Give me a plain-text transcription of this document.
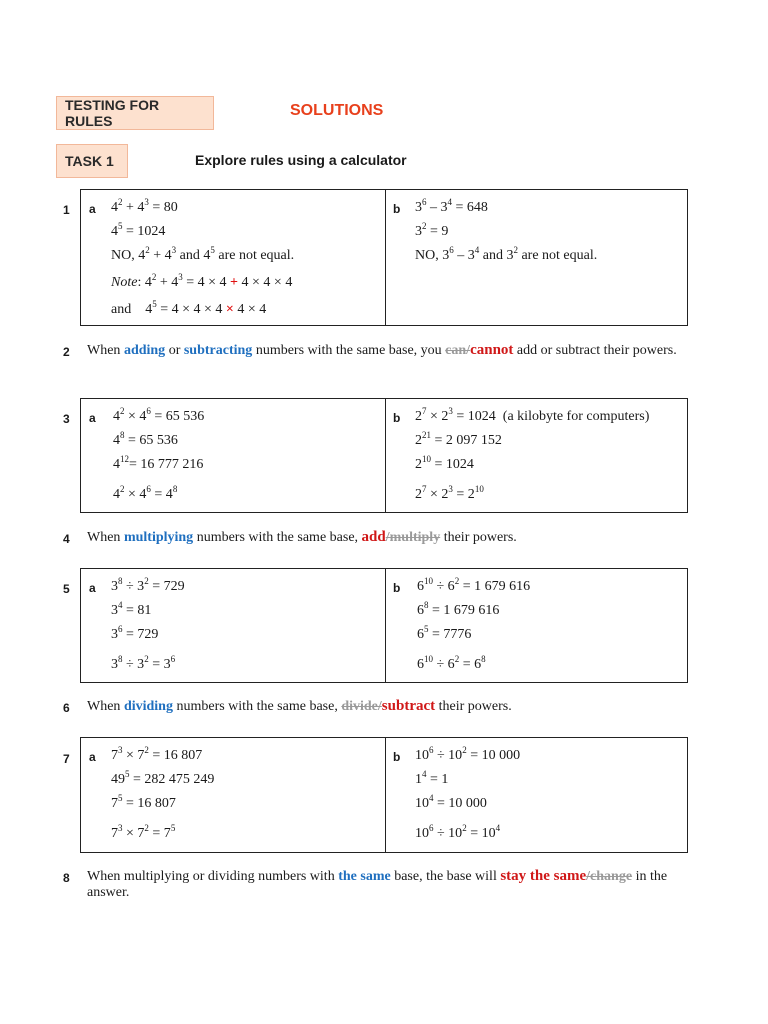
TESTING FOR RULES
SOLUTIONS
TASK 1	Explore rules using a calculator
1 a $4^2 + 4^3 = 80$
$4^5 = 1024$
NO, $4^2 + 4^3$ and $4^5$ are not equal.
Note: $4^2 + 4^3 = 4 \times 4 + 4 \times 4 \times 4$
and    $4^5 = 4 \times 4 \times 4 \times 4 \times 4$
b $3^6 - 3^4 = 648$
$3^2 = 9$
NO, $3^6 - 3^4$ and $3^2$ are not equal.
2 When adding or subtracting numbers with the same base, you can/cannot add or subtract their powers.
3 a $4^2 \times 4^6 = 65$ 536
$4^8 = 65$ 536
$4^{12}= 16$ 777 216
$4^2 \times 4^6 = 4^8$
b $2^7 \times 2^3 = 1024$  (a kilobyte for computers)
$2^{21} = 2$ 097 152
$2^{10} = 1024$
$2^7 \times 2^3 = 2^{10}$
4 When multiplying numbers with the same base, add/multiply their powers.
5 a $3^8 \div 3^2 = 729$
$3^4 = 81$
$3^6 = 729$
$3^8 \div 3^2 = 3^6$
b $6^{10} \div 6^2 = 1$ 679 616
$6^8 = 1$ 679 616
$6^5 = 7776$
$6^{10} \div 6^2 = 6^8$
6 When dividing numbers with the same base, divide/subtract their powers.
7 a $7^3 \times 7^2 = 16$ 807
$49^5 = 282$ 475 249
$7^5 = 16$ 807
$7^3 \times 7^2 = 7^5$
b $10^6 \div 10^2 = 10$ 000
$1^4 = 1$
$10^4 = 10$ 000
$10^6 \div 10^2 = 10^4$
8 When multiplying or dividing numbers with the same base, the base will stay the same/change in the answer.
